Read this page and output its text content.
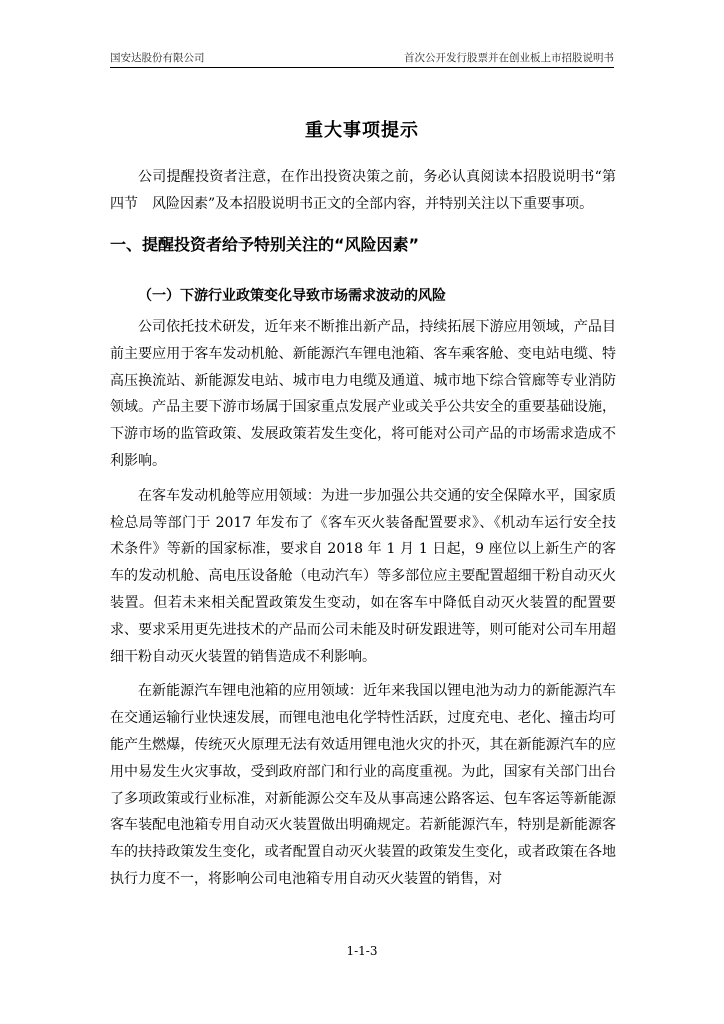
国安达股份有限公司	首次公开发行股票并在创业板上市招股说明书
重大事项提示

公司提醒投资者注意，在作出投资决策之前，务必认真阅读本招股说明书“第四节　风险因素”及本招股说明书正文的全部内容，并特别关注以下重要事项。

一、提醒投资者给予特别关注的“风险因素”
（一）下游行业政策变化导致市场需求波动的风险

公司依托技术研发，近年来不断推出新产品，持续拓展下游应用领域，产品目前主要应用于客车发动机舱、新能源汽车锂电池箱、客车乘客舱、变电站电缆、特高压换流站、新能源发电站、城市电力电缆及通道、城市地下综合管廊等专业消防领域。产品主要下游市场属于国家重点发展产业或关乎公共安全的重要基础设施，下游市场的监管政策、发展政策若发生变化，将可能对公司产品的市场需求造成不利影响。

在客车发动机舱等应用领域：为进一步加强公共交通的安全保障水平，国家质检总局等部门于 2017 年发布了《客车灭火装备配置要求》、《机动车运行安全技术条件》等新的国家标准，要求自 2018 年 1 月 1 日起，9 座位以上新生产的客车的发动机舱、高电压设备舱（电动汽车）等多部位应主要配置超细干粉自动灭火装置。但若未来相关配置政策发生变动，如在客车中降低自动灭火装置的配置要求、要求采用更先进技术的产品而公司未能及时研发跟进等，则可能对公司车用超细干粉自动灭火装置的销售造成不利影响。

在新能源汽车锂电池箱的应用领域：近年来我国以锂电池为动力的新能源汽车在交通运输行业快速发展，而锂电池电化学特性活跃，过度充电、老化、撞击均可能产生燃爆，传统灭火原理无法有效适用锂电池火灾的扑灭，其在新能源汽车的应用中易发生火灾事故，受到政府部门和行业的高度重视。为此，国家有关部门出台了多项政策或行业标准，对新能源公交车及从事高速公路客运、包车客运等新能源客车装配电池箱专用自动灭火装置做出明确规定。若新能源汽车，特别是新能源客车的扶持政策发生变化，或者配置自动灭火装置的政策发生变化，或者政策在各地执行力度不一，将影响公司电池箱专用自动灭火装置的销售，对

1-1-3
